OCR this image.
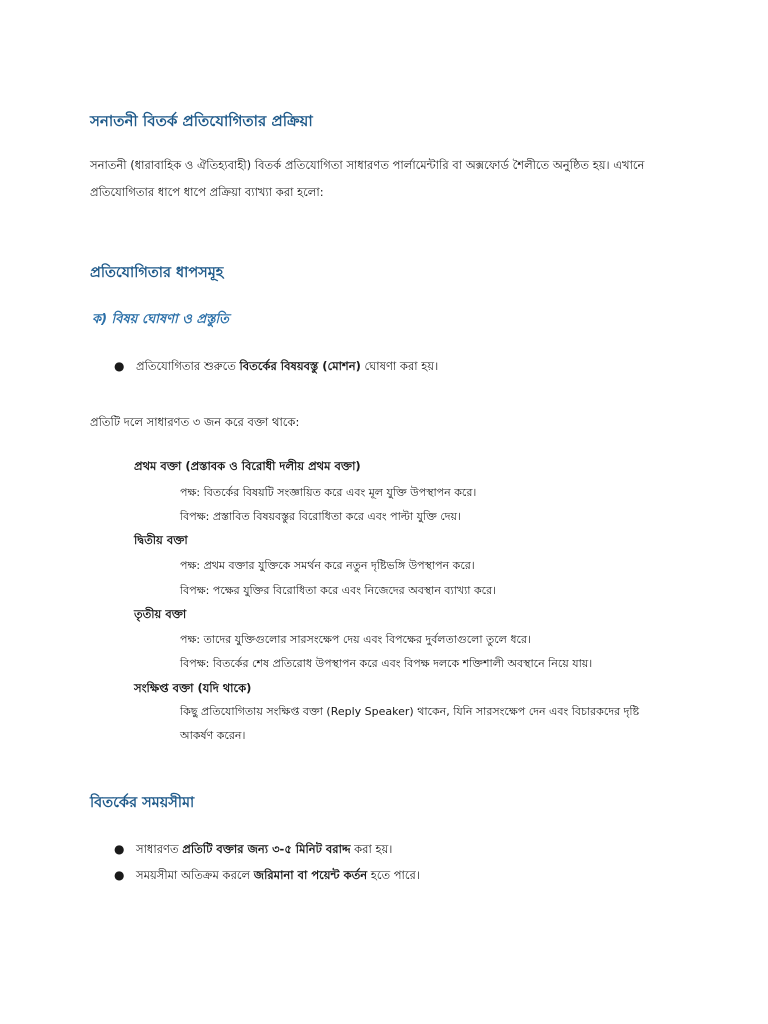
সনাতনী বিতর্ক প্রতিযোগিতার প্রক্রিয়া
সনাতনী (ধারাবাহিক ও ঐতিহ্যবাহী) বিতর্ক প্রতিযোগিতা সাধারণত পার্লামেন্টারি বা অক্সফোর্ড শৈলীতে অনুষ্ঠিত হয়। এখানে প্রতিযোগিতার ধাপে ধাপে প্রক্রিয়া ব্যাখ্যা করা হলো:
প্রতিযোগিতার ধাপসমূহ
ক) বিষয় ঘোষণা ও প্রস্তুতি
● প্রতিযোগিতার শুরুতে বিতর্কের বিষয়বস্তু (মোশন) ঘোষণা করা হয়।
প্রতিটি দলে সাধারণত ৩ জন করে বক্তা থাকে:
প্রথম বক্তা (প্রস্তাবক ও বিরোধী দলীয় প্রথম বক্তা)
পক্ষ: বিতর্কের বিষয়টি সংজ্ঞায়িত করে এবং মূল যুক্তি উপস্থাপন করে।
বিপক্ষ: প্রস্তাবিত বিষয়বস্তুর বিরোধিতা করে এবং পাল্টা যুক্তি দেয়।
দ্বিতীয় বক্তা
পক্ষ: প্রথম বক্তার যুক্তিকে সমর্থন করে নতুন দৃষ্টিভঙ্গি উপস্থাপন করে।
বিপক্ষ: পক্ষের যুক্তির বিরোধিতা করে এবং নিজেদের অবস্থান ব্যাখ্যা করে।
তৃতীয় বক্তা
পক্ষ: তাদের যুক্তিগুলোর সারসংক্ষেপ দেয় এবং বিপক্ষের দুর্বলতাগুলো তুলে ধরে।
বিপক্ষ: বিতর্কের শেষ প্রতিরোধ উপস্থাপন করে এবং বিপক্ষ দলকে শক্তিশালী অবস্থানে নিয়ে যায়।
সংক্ষিপ্ত বক্তা (যদি থাকে)
কিছু প্রতিযোগিতায় সংক্ষিপ্ত বক্তা (Reply Speaker) থাকেন, যিনি সারসংক্ষেপ দেন এবং বিচারকদের দৃষ্টি আকর্ষণ করেন।
বিতর্কের সময়সীমা
● সাধারণত প্রতিটি বক্তার জন্য ৩-৫ মিনিট বরাদ্দ করা হয়।
● সময়সীমা অতিক্রম করলে জরিমানা বা পয়েন্ট কর্তন হতে পারে।
